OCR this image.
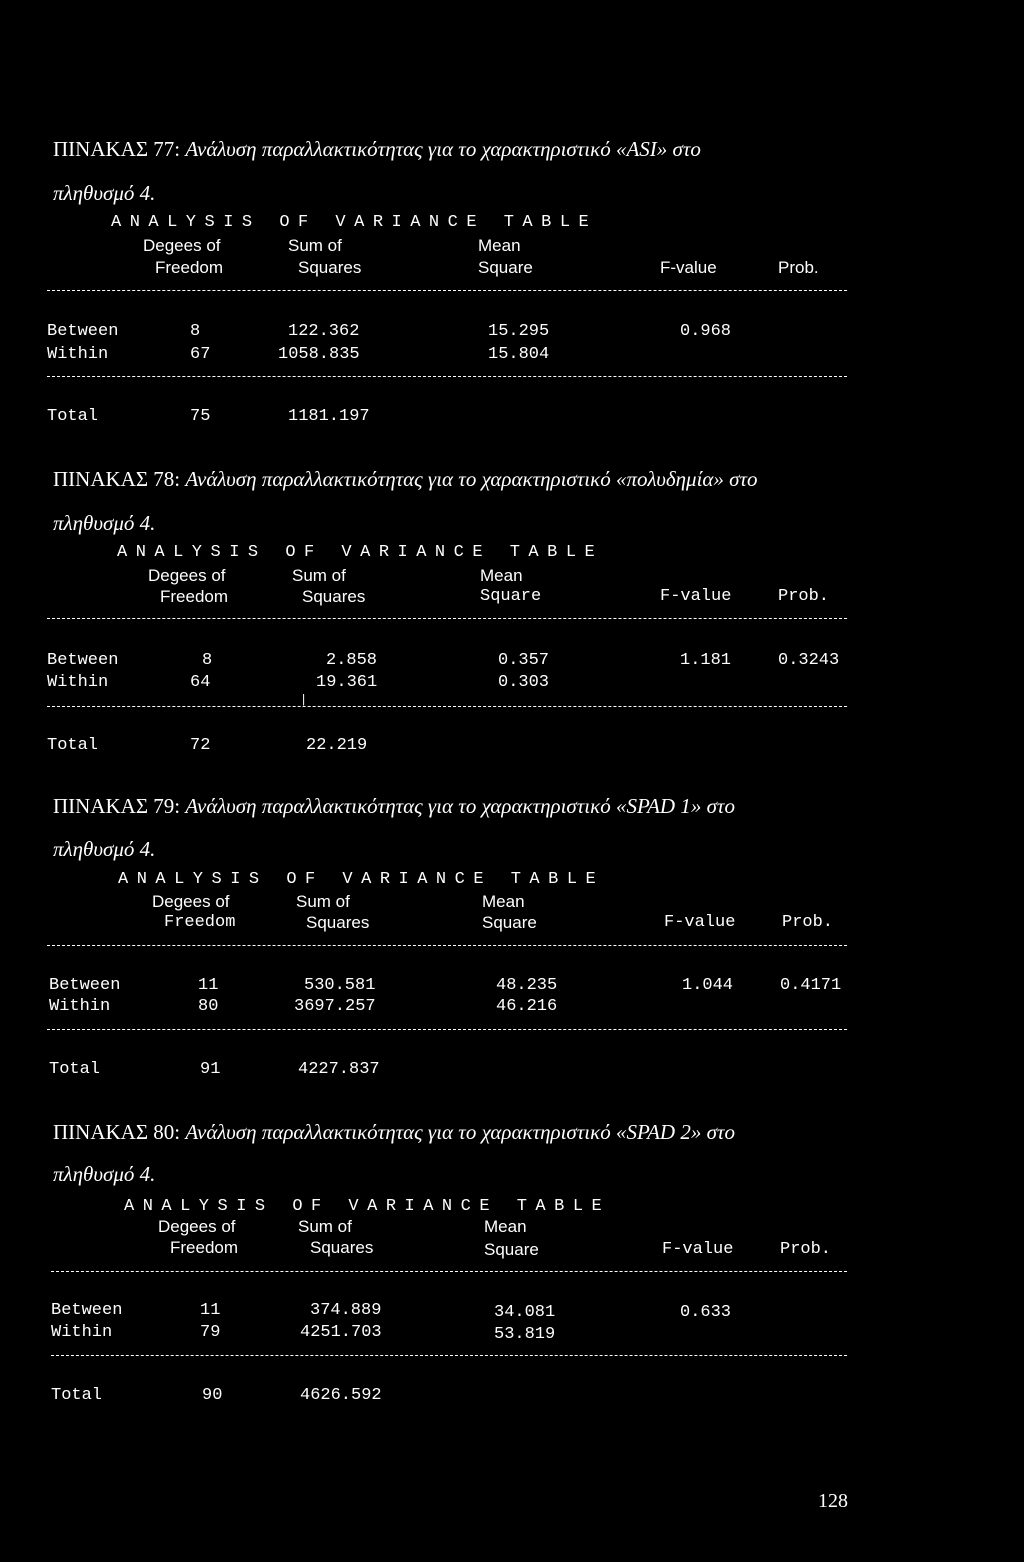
ΠΙΝΑΚΑΣ 77: Ανάλυση παραλλακτικότητας για το χαρακτηριστικό «ASI» στο
πληθυσμό 4.
ANALYSIS OF VARIANCE TABLE
Degees of	Sum of	Mean
Freedom	Squares	Square	F-value	Prob.
Between	8	122.362	15.295	0.968
Within	67	1058.835	15.804
Total	75	1181.197
ΠΙΝΑΚΑΣ 78: Ανάλυση παραλλακτικότητας για το χαρακτηριστικό «πολυδημία» στο
πληθυσμό 4.
ANALYSIS OF VARIANCE TABLE
Degees of	Sum of	Mean
Freedom	Squares	Square	F-value	Prob.
Between	8	2.858	0.357	1.181	0.3243
Within	64	19.361	0.303
|
Total	72	22.219
ΠΙΝΑΚΑΣ 79: Ανάλυση παραλλακτικότητας για το χαρακτηριστικό «SPAD 1» στο
πληθυσμό 4.
ANALYSIS OF VARIANCE TABLE
Degees of	Sum of	Mean
Freedom	Squares	Square	F-value	Prob.
Between	11	530.581	48.235	1.044	0.4171
Within	80	3697.257	46.216
Total	91	4227.837
ΠΙΝΑΚΑΣ 80: Ανάλυση παραλλακτικότητας για το χαρακτηριστικό «SPAD 2» στο
πληθυσμό 4.
ANALYSIS OF VARIANCE TABLE
Degees of	Sum of	Mean
Freedom	Squares	Square	F-value	Prob.
Between	11	374.889	34.081	0.633
Within	79	4251.703	53.819
Total	90	4626.592
128
